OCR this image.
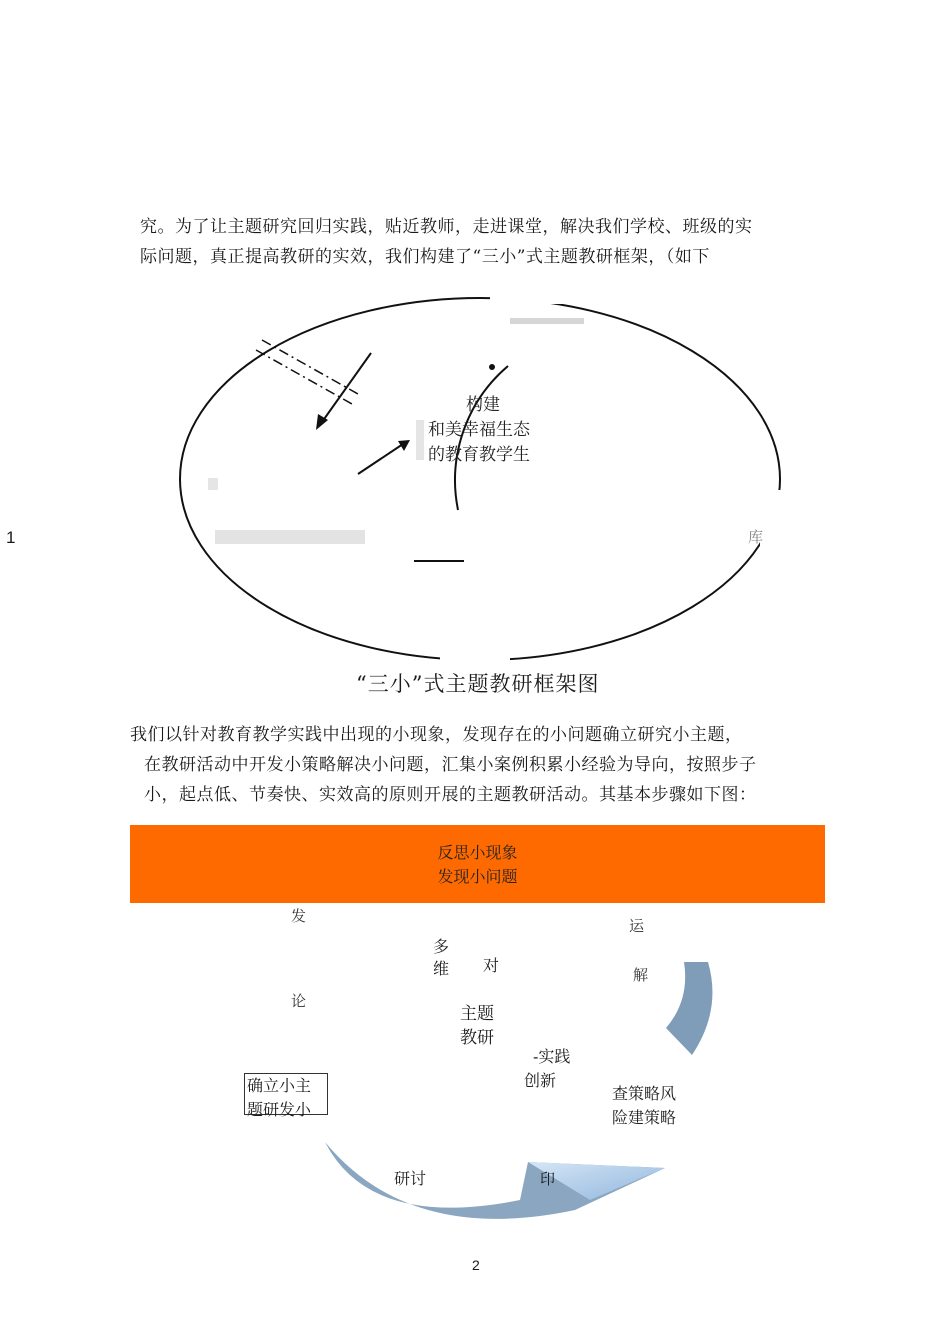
究。为了让主题研究回归实践，贴近教师，走进课堂，解决我们学校、班级的实
际问题，真正提高教研的实效，我们构建了“三小”式主题教研框架，（如下
构建
和美幸福生态
的教育教学生
库
1
“三小”式主题教研框架图
我们以针对教育教学实践中出现的小现象，发现存在的小问题确立研究小主题，
在教研活动中开发小策略解决小问题，汇集小案例积累小经验为导向，按照步子
小，起点低、节奏快、实效高的原则开展的主题教研活动。其基本步骤如下图：
反思小现象
发现小问题
发
论
运
解
多
维 对
主题
教研
-实践
创新
确立小主
题研发小
查策略风
险建策略
研讨	印
2
